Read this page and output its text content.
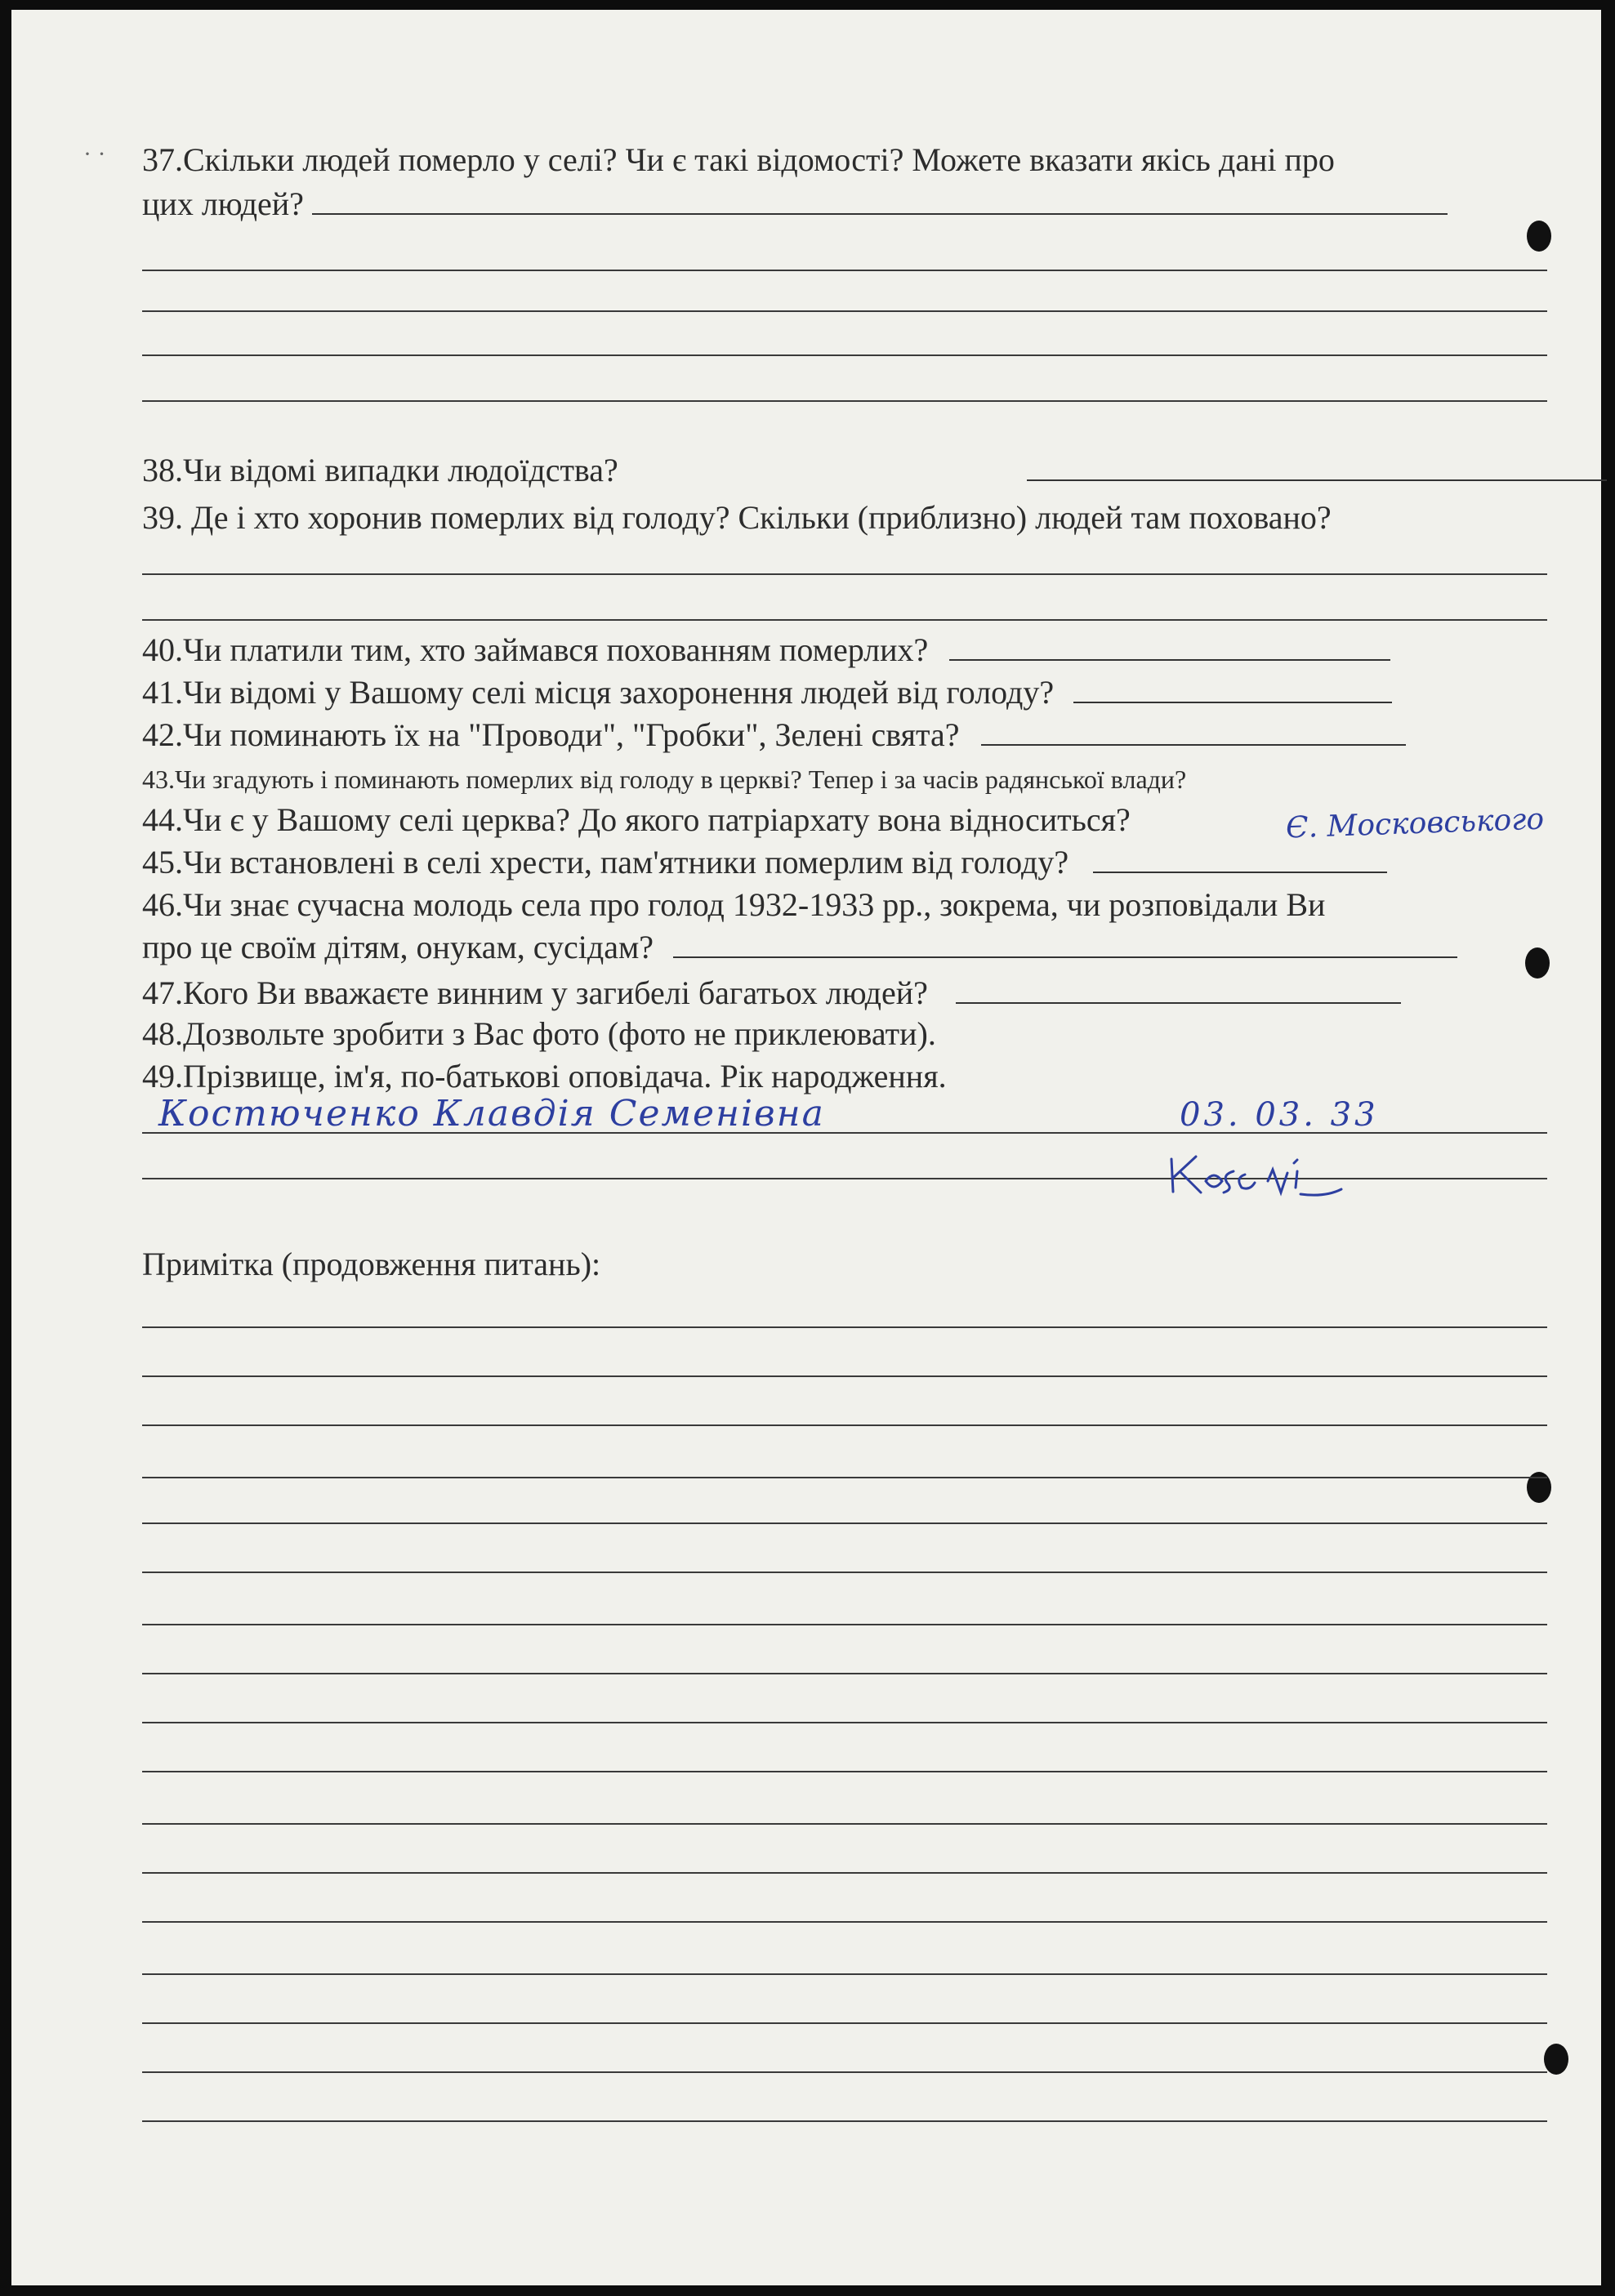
· · 37.Скільки людей померло у селі? Чи є такі відомості? Можете вказати якісь дані про
цих людей?
38.Чи відомі випадки людоїдства?
39. Де і хто хоронив померлих від голоду? Скільки (приблизно) людей там поховано?
40.Чи платили тим, хто займався похованням померлих?
41.Чи відомі у Вашому селі місця захоронення людей від голоду?
42.Чи поминають їх на "Проводи", "Гробки", Зелені свята?
43.Чи згадують і поминають померлих від голоду в церкві? Тепер і за часів радянської влади?
44.Чи є у Вашому селі церква? До якого патріархату вона відноситься?	Є. Московського
45.Чи встановлені в селі хрести, пам'ятники померлим від голоду?
46.Чи знає сучасна молодь села про голод 1932-1933 рр., зокрема, чи розповідали Ви
про це своїм дітям, онукам, сусідам?
47.Кого Ви вважаєте винним у загибелі багатьох людей?
48.Дозвольте зробити з Вас фото (фото не приклеювати).
49.Прізвище, ім'я, по-батькові оповідача. Рік народження.
Костюченко Клавдія Семенівна	03. 03. 33
Примітка (продовження питань):
